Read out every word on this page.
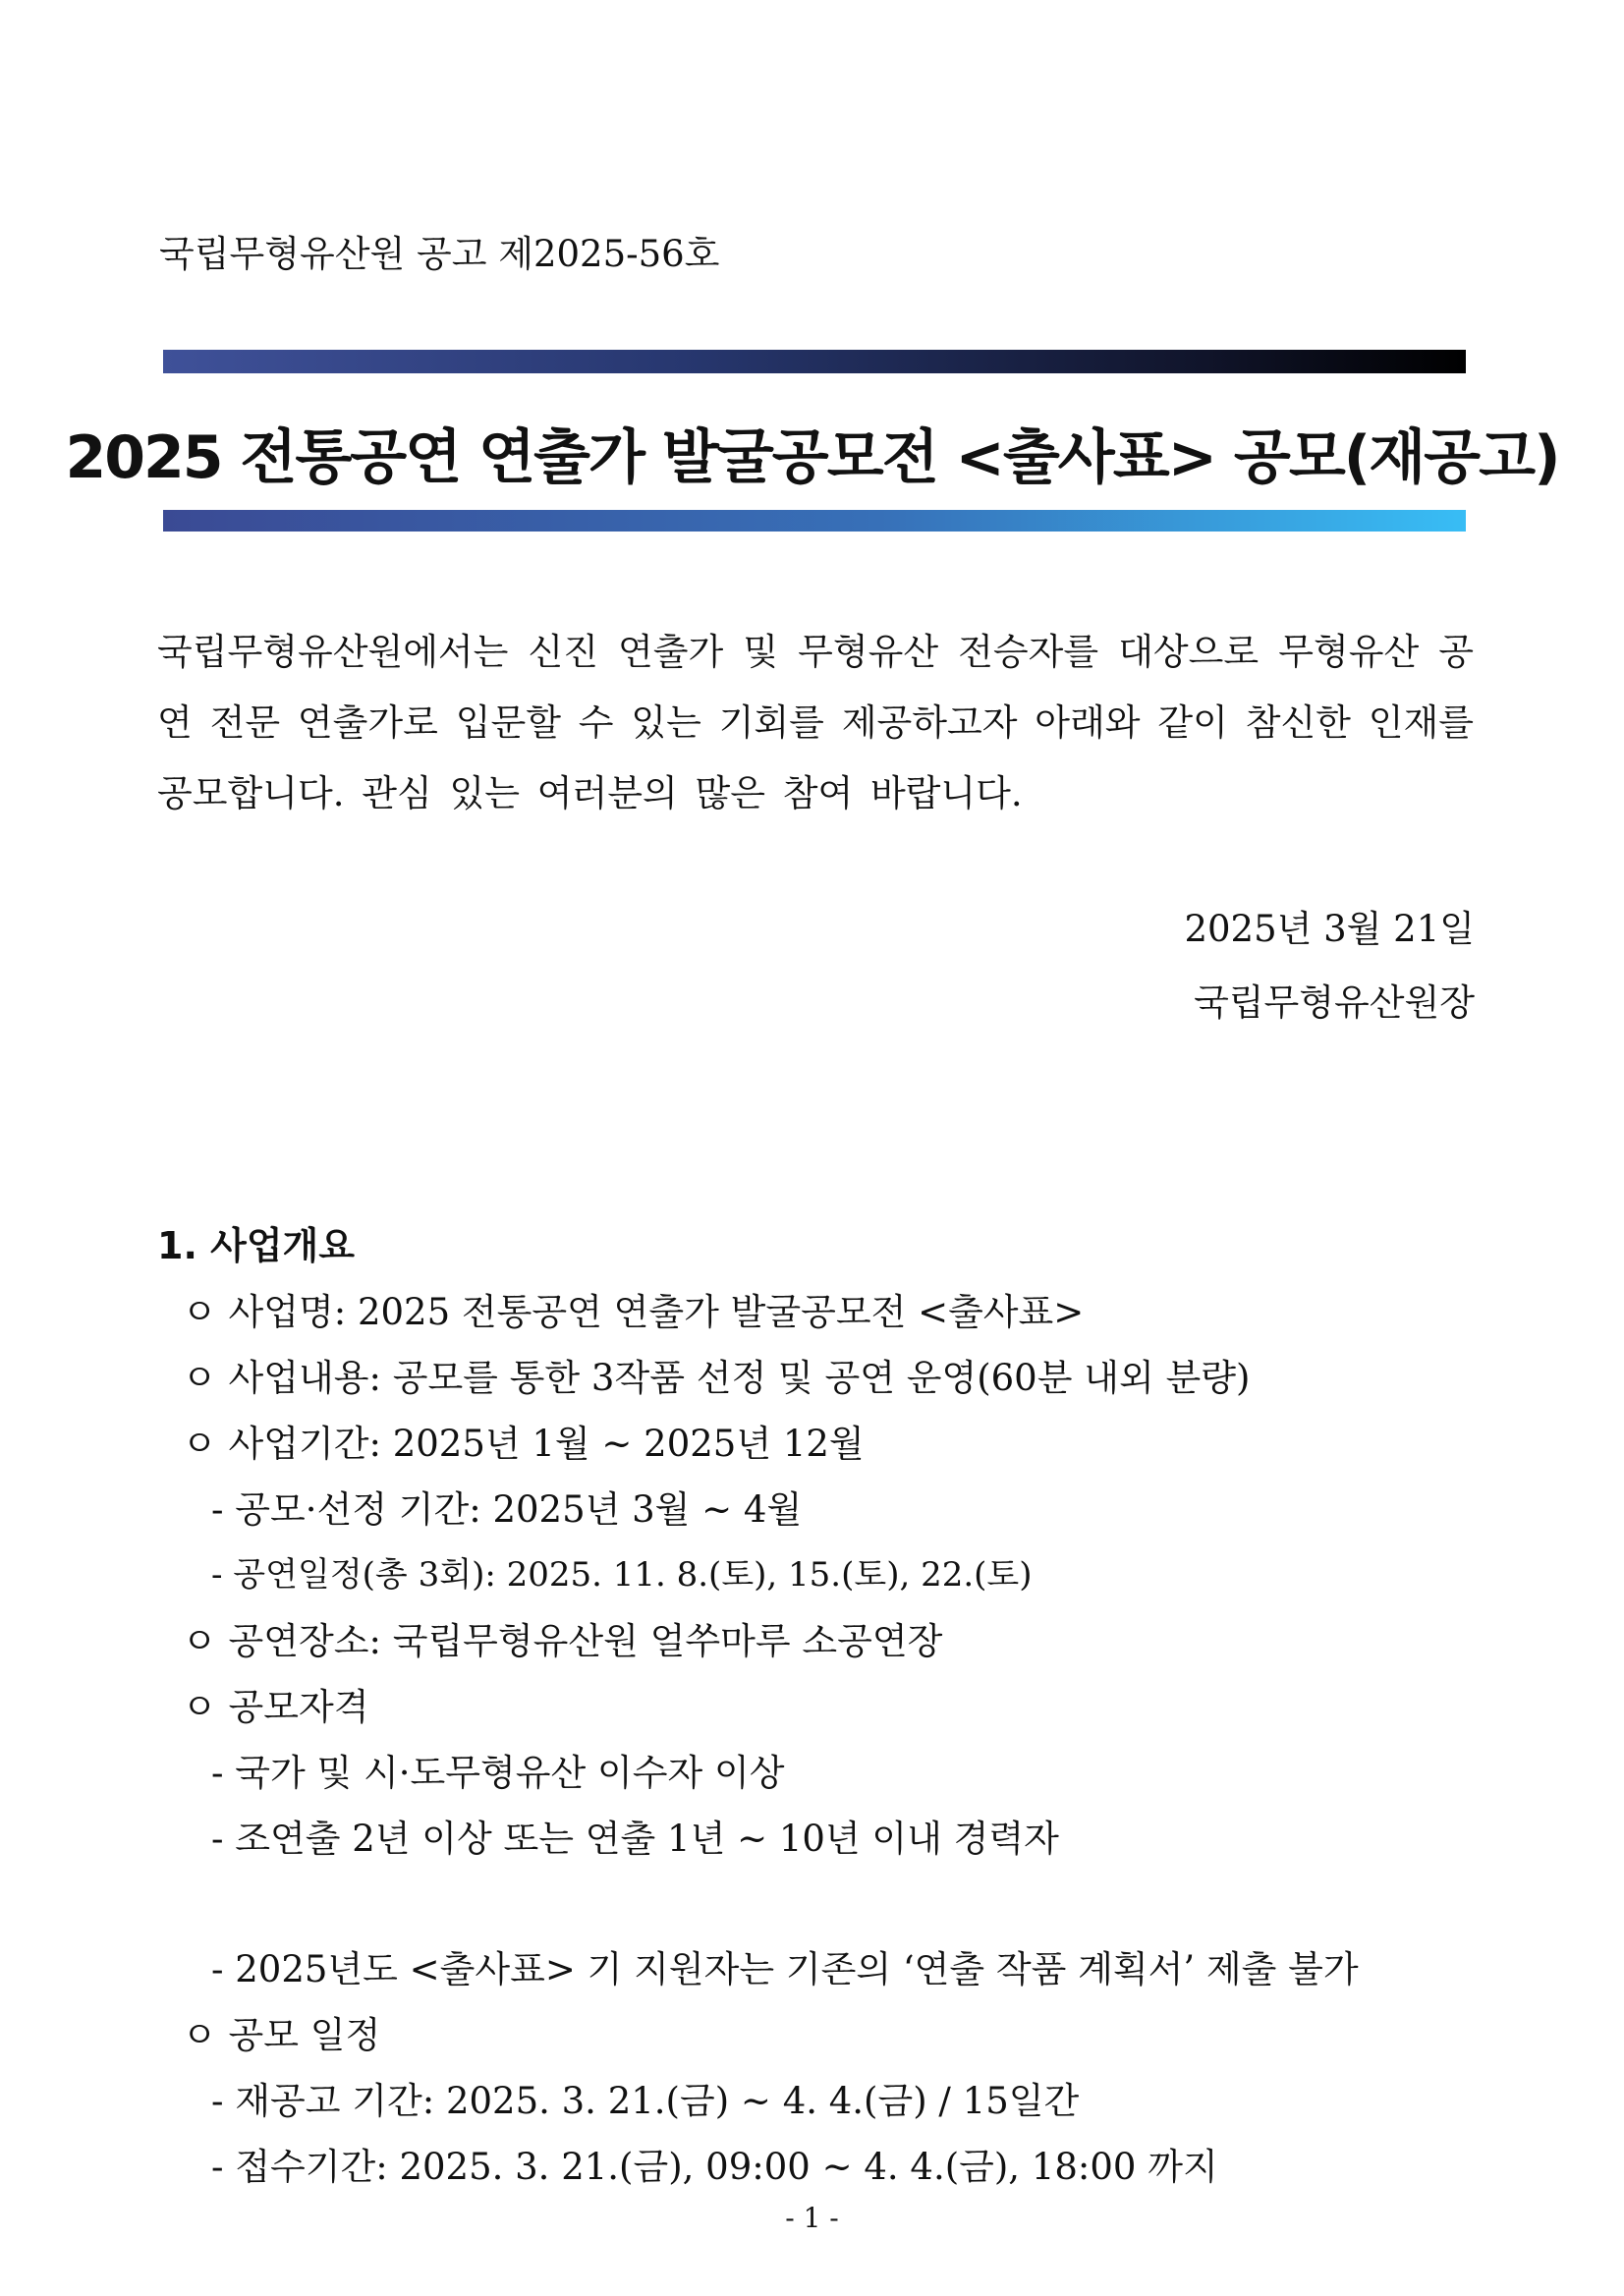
국립무형유산원 공고 제2025-56호
2025 전통공연 연출가 발굴공모전 <출사표> 공모(재공고)
국립무형유산원에서는 신진 연출가 및 무형유산 전승자를 대상으로 무형유산 공연 전문 연출가로 입문할 수 있는 기회를 제공하고자 아래와 같이 참신한 인재를 공모합니다. 관심 있는 여러분의 많은 참여 바랍니다.
2025년 3월 21일
국립무형유산원장
1. 사업개요
ㅇ 사업명: 2025 전통공연 연출가 발굴공모전 <출사표>
ㅇ 사업내용: 공모를 통한 3작품 선정 및 공연 운영(60분 내외 분량)
ㅇ 사업기간: 2025년 1월 ~ 2025년 12월
- 공모·선정 기간: 2025년 3월 ~ 4월
- 공연일정(총 3회): 2025. 11. 8.(토), 15.(토), 22.(토)
ㅇ 공연장소: 국립무형유산원 얼쑤마루 소공연장
ㅇ 공모자격
- 국가 및 시·도무형유산 이수자 이상
- 조연출 2년 이상 또는 연출 1년 ~ 10년 이내 경력자
- 2025년도 <출사표> 기 지원자는 기존의 ‘연출 작품 계획서’ 제출 불가
ㅇ 공모 일정
- 재공고 기간: 2025. 3. 21.(금) ~ 4. 4.(금) / 15일간
- 접수기간: 2025. 3. 21.(금), 09:00 ~ 4. 4.(금), 18:00 까지
- 1 -
